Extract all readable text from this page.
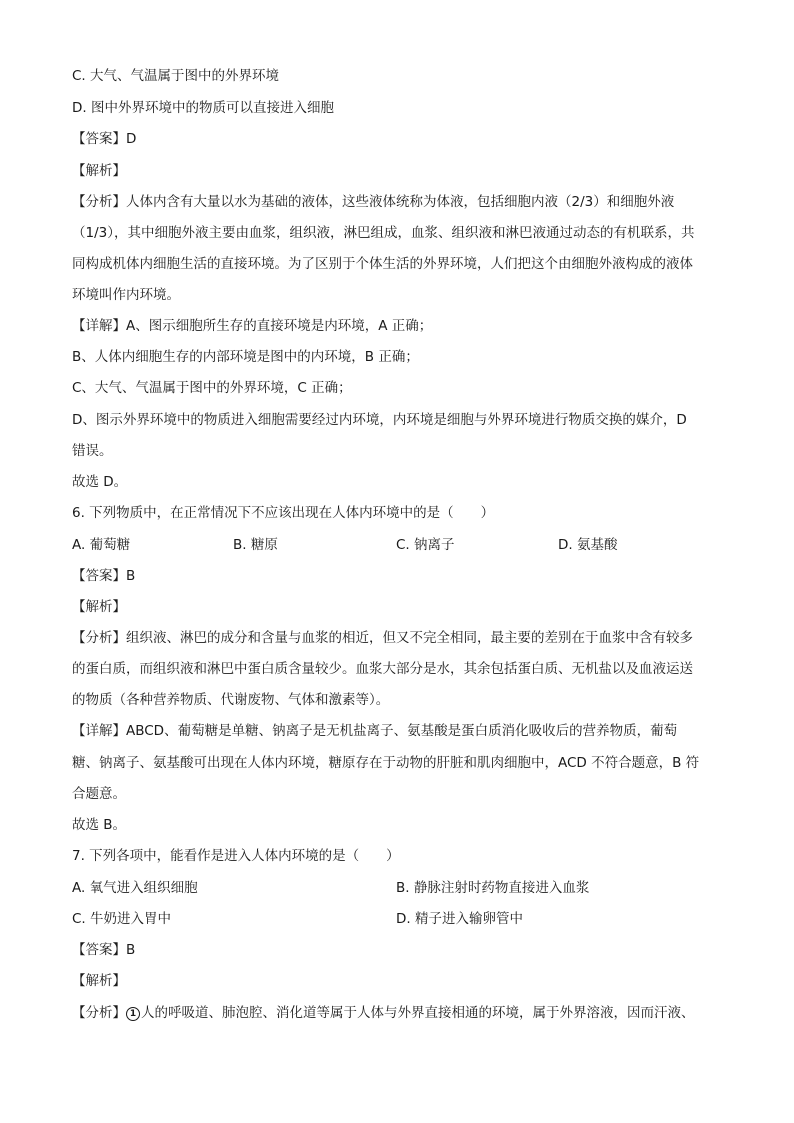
C. 大气、气温属于图中的外界环境
D. 图中外界环境中的物质可以直接进入细胞
【答案】D
【解析】
【分析】人体内含有大量以水为基础的液体，这些液体统称为体液，包括细胞内液（2/3）和细胞外液
（1/3），其中细胞外液主要由血浆，组织液，淋巴组成，血浆、组织液和淋巴液通过动态的有机联系，共
同构成机体内细胞生活的直接环境。为了区别于个体生活的外界环境，人们把这个由细胞外液构成的液体
环境叫作内环境。
【详解】A、图示细胞所生存的直接环境是内环境，A 正确；
B、人体内细胞生存的内部环境是图中的内环境，B 正确；
C、大气、气温属于图中的外界环境，C 正确；
D、图示外界环境中的物质进入细胞需要经过内环境，内环境是细胞与外界环境进行物质交换的媒介，D
错误。
故选 D。
6. 下列物质中，在正常情况下不应该出现在人体内环境中的是（　　）
A. 葡萄糖	B. 糖原	C. 钠离子	D. 氨基酸
【答案】B
【解析】
【分析】组织液、淋巴的成分和含量与血浆的相近，但又不完全相同，最主要的差别在于血浆中含有较多
的蛋白质，而组织液和淋巴中蛋白质含量较少。血浆大部分是水，其余包括蛋白质、无机盐以及血液运送
的物质（各种营养物质、代谢废物、气体和激素等）。
【详解】ABCD、葡萄糖是单糖、钠离子是无机盐离子、氨基酸是蛋白质消化吸收后的营养物质，葡萄
糖、钠离子、氨基酸可出现在人体内环境，糖原存在于动物的肝脏和肌肉细胞中，ACD 不符合题意，B 符
合题意。
故选 B。
7. 下列各项中，能看作是进入人体内环境的是（　　）
A. 氧气进入组织细胞	B. 静脉注射时药物直接进入血浆
C. 牛奶进入胃中	D. 精子进入输卵管中
【答案】B
【解析】
【分析】 1 人的呼吸道、肺泡腔、消化道等属于人体与外界直接相通的环境，属于外界溶液，因而汗液、
